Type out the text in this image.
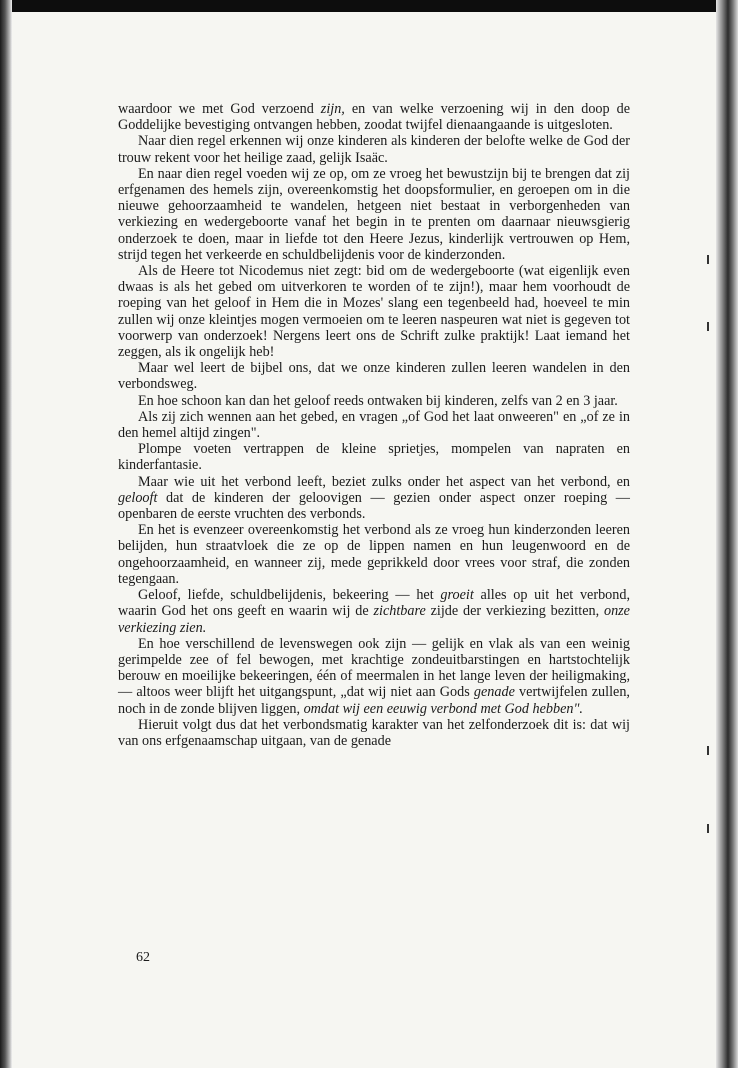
waardoor we met God verzoend zijn, en van welke verzoening wij in den doop de Goddelijke bevestiging ontvangen hebben, zoodat twijfel dienaangaande is uitgesloten.

Naar dien regel erkennen wij onze kinderen als kinderen der belofte welke de God der trouw rekent voor het heilige zaad, gelijk Isaäc.

En naar dien regel voeden wij ze op, om ze vroeg het bewustzijn bij te brengen dat zij erfgenamen des hemels zijn, overeenkomstig het doopsformulier, en geroepen om in die nieuwe gehoorzaamheid te wandelen, hetgeen niet bestaat in verborgenheden van verkiezing en wedergeboorte vanaf het begin in te prenten om daarnaar nieuwsgierig onderzoek te doen, maar in liefde tot den Heere Jezus, kinderlijk vertrouwen op Hem, strijd tegen het verkeerde en schuldbelijdenis voor de kinderzonden.

Als de Heere tot Nicodemus niet zegt: bid om de wedergeboorte (wat eigenlijk even dwaas is als het gebed om uitverkoren te worden of te zijn!), maar hem voorhoudt de roeping van het geloof in Hem die in Mozes' slang een tegenbeeld had, hoeveel te min zullen wij onze kleintjes mogen vermoeien om te leeren naspeuren wat niet is gegeven tot voorwerp van onderzoek! Nergens leert ons de Schrift zulke praktijk! Laat iemand het zeggen, als ik ongelijk heb!

Maar wel leert de bijbel ons, dat we onze kinderen zullen leeren wandelen in den verbondsweg.

En hoe schoon kan dan het geloof reeds ontwaken bij kinderen, zelfs van 2 en 3 jaar.

Als zij zich wennen aan het gebed, en vragen „of God het laat onweeren" en „of ze in den hemel altijd zingen".

Plompe voeten vertrappen de kleine sprietjes, mompelen van napraten en kinderfantasie.

Maar wie uit het verbond leeft, beziet zulks onder het aspect van het verbond, en gelooft dat de kinderen der geloovigen — gezien onder aspect onzer roeping — openbaren de eerste vruchten des verbonds.

En het is evenzeer overeenkomstig het verbond als ze vroeg hun kinderzonden leeren belijden, hun straatvloek die ze op de lippen namen en hun leugenwoord en de ongehoorzaamheid, en wanneer zij, mede geprikkeld door vrees voor straf, die zonden tegengaan.

Geloof, liefde, schuldbelijdenis, bekeering — het groeit alles op uit het verbond, waarin God het ons geeft en waarin wij de zichtbare zijde der verkiezing bezitten, onze verkiezing zien.

En hoe verschillend de levenswegen ook zijn — gelijk en vlak als van een weinig gerimpelde zee of fel bewogen, met krachtige zondeuitbarstingen en hartstochtelijk berouw en moeilijke bekeeringen, één of meermalen in het lange leven der heiligmaking, — altoos weer blijft het uitgangspunt, „dat wij niet aan Gods genade vertwijfelen zullen, noch in de zonde blijven liggen, omdat wij een eeuwig verbond met God hebben".

Hieruit volgt dus dat het verbondsmatig karakter van het zelfonderzoek dit is: dat wij van ons erfgenaamschap uitgaan, van de genade

62
